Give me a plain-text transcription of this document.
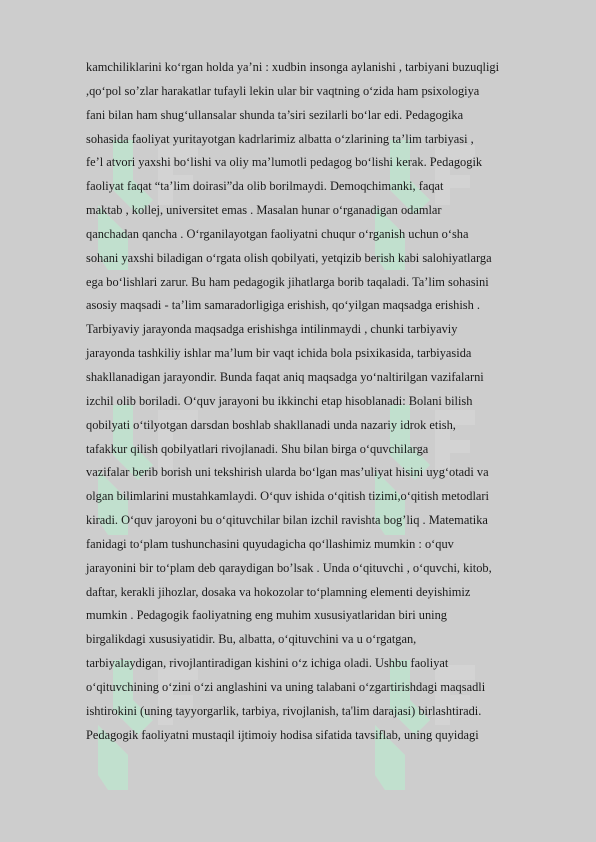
kamchiliklarini ko‘rgan holda ya’ni : xudbin insonga aylanishi , tarbiyani buzuqligi
,qo‘pol so’zlar harakatlar tufayli lekin ular bir vaqtning o‘zida ham psixologiya
fani bilan ham shug‘ullansalar shunda ta’siri sezilarli bo‘lar edi. Pedagogika
sohasida faoliyat yuritayotgan kadrlarimiz albatta o‘zlarining ta’lim tarbiyasi ,
fe’l atvori yaxshi bo‘lishi va oliy ma’lumotli pedagog bo‘lishi kerak. Pedagogik
faoliyat faqat “ta’lim doirasi”da olib borilmaydi. Demoqchimanki, faqat
maktab , kollej, universitet emas . Masalan hunar o‘rganadigan odamlar
qanchadan qancha . O‘rganilayotgan faoliyatni chuqur o‘rganish uchun o‘sha
sohani yaxshi biladigan o‘rgata olish qobilyati, yetqizib berish kabi salohiyatlarga
ega bo‘lishlari zarur. Bu ham pedagogik jihatlarga borib taqaladi. Ta’lim sohasini
asosiy maqsadi - ta’lim samaradorligiga erishish, qo‘yilgan maqsadga erishish .
Tarbiyaviy jarayonda maqsadga erishishga intilinmaydi , chunki tarbiyaviy
jarayonda tashkiliy ishlar ma’lum bir vaqt ichida bola psixikasida, tarbiyasida
shakllanadigan jarayondir. Bunda faqat aniq maqsadga yo‘naltirilgan vazifalarni
izchil olib boriladi. O‘quv jarayoni bu ikkinchi etap hisoblanadi: Bolani bilish
qobilyati o‘tilyotgan darsdan boshlab shakllanadi unda nazariy idrok etish,
tafakkur qilish qobilyatlari rivojlanadi. Shu bilan birga o‘quvchilarga
vazifalar berib borish uni tekshirish ularda bo‘lgan mas’uliyat hisini uyg‘otadi va
olgan bilimlarini mustahkamlaydi. O‘quv ishida o‘qitish tizimi,o‘qitish metodlari
kiradi. O‘quv jaroyoni bu o‘qituvchilar bilan izchil ravishta bog’liq . Matematika
fanidagi to‘plam tushunchasini quyudagicha qo‘llashimiz mumkin : o‘quv
jarayonini bir to‘plam deb qaraydigan bo’lsak . Unda o‘qituvchi , o‘quvchi, kitob,
daftar, kerakli jihozlar, dosaka va hokozolar to‘plamning elementi deyishimiz
mumkin . Pedagogik faoliyatning eng muhim xususiyatlaridan biri uning
birgalikdagi xususiyatidir. Bu, albatta, o‘qituvchini va u o‘rgatgan,
tarbiyalaydigan, rivojlantiradigan kishini o‘z ichiga oladi. Ushbu faoliyat
o‘qituvchining o‘zini o‘zi anglashini va uning talabani o‘zgartirishdagi maqsadli
ishtirokini (uning tayyorgarlik, tarbiya, rivojlanish, ta'lim darajasi) birlashtiradi.
Pedagogik faoliyatni mustaqil ijtimoiy hodisa sifatida tavsiflab, uning quyidagi
